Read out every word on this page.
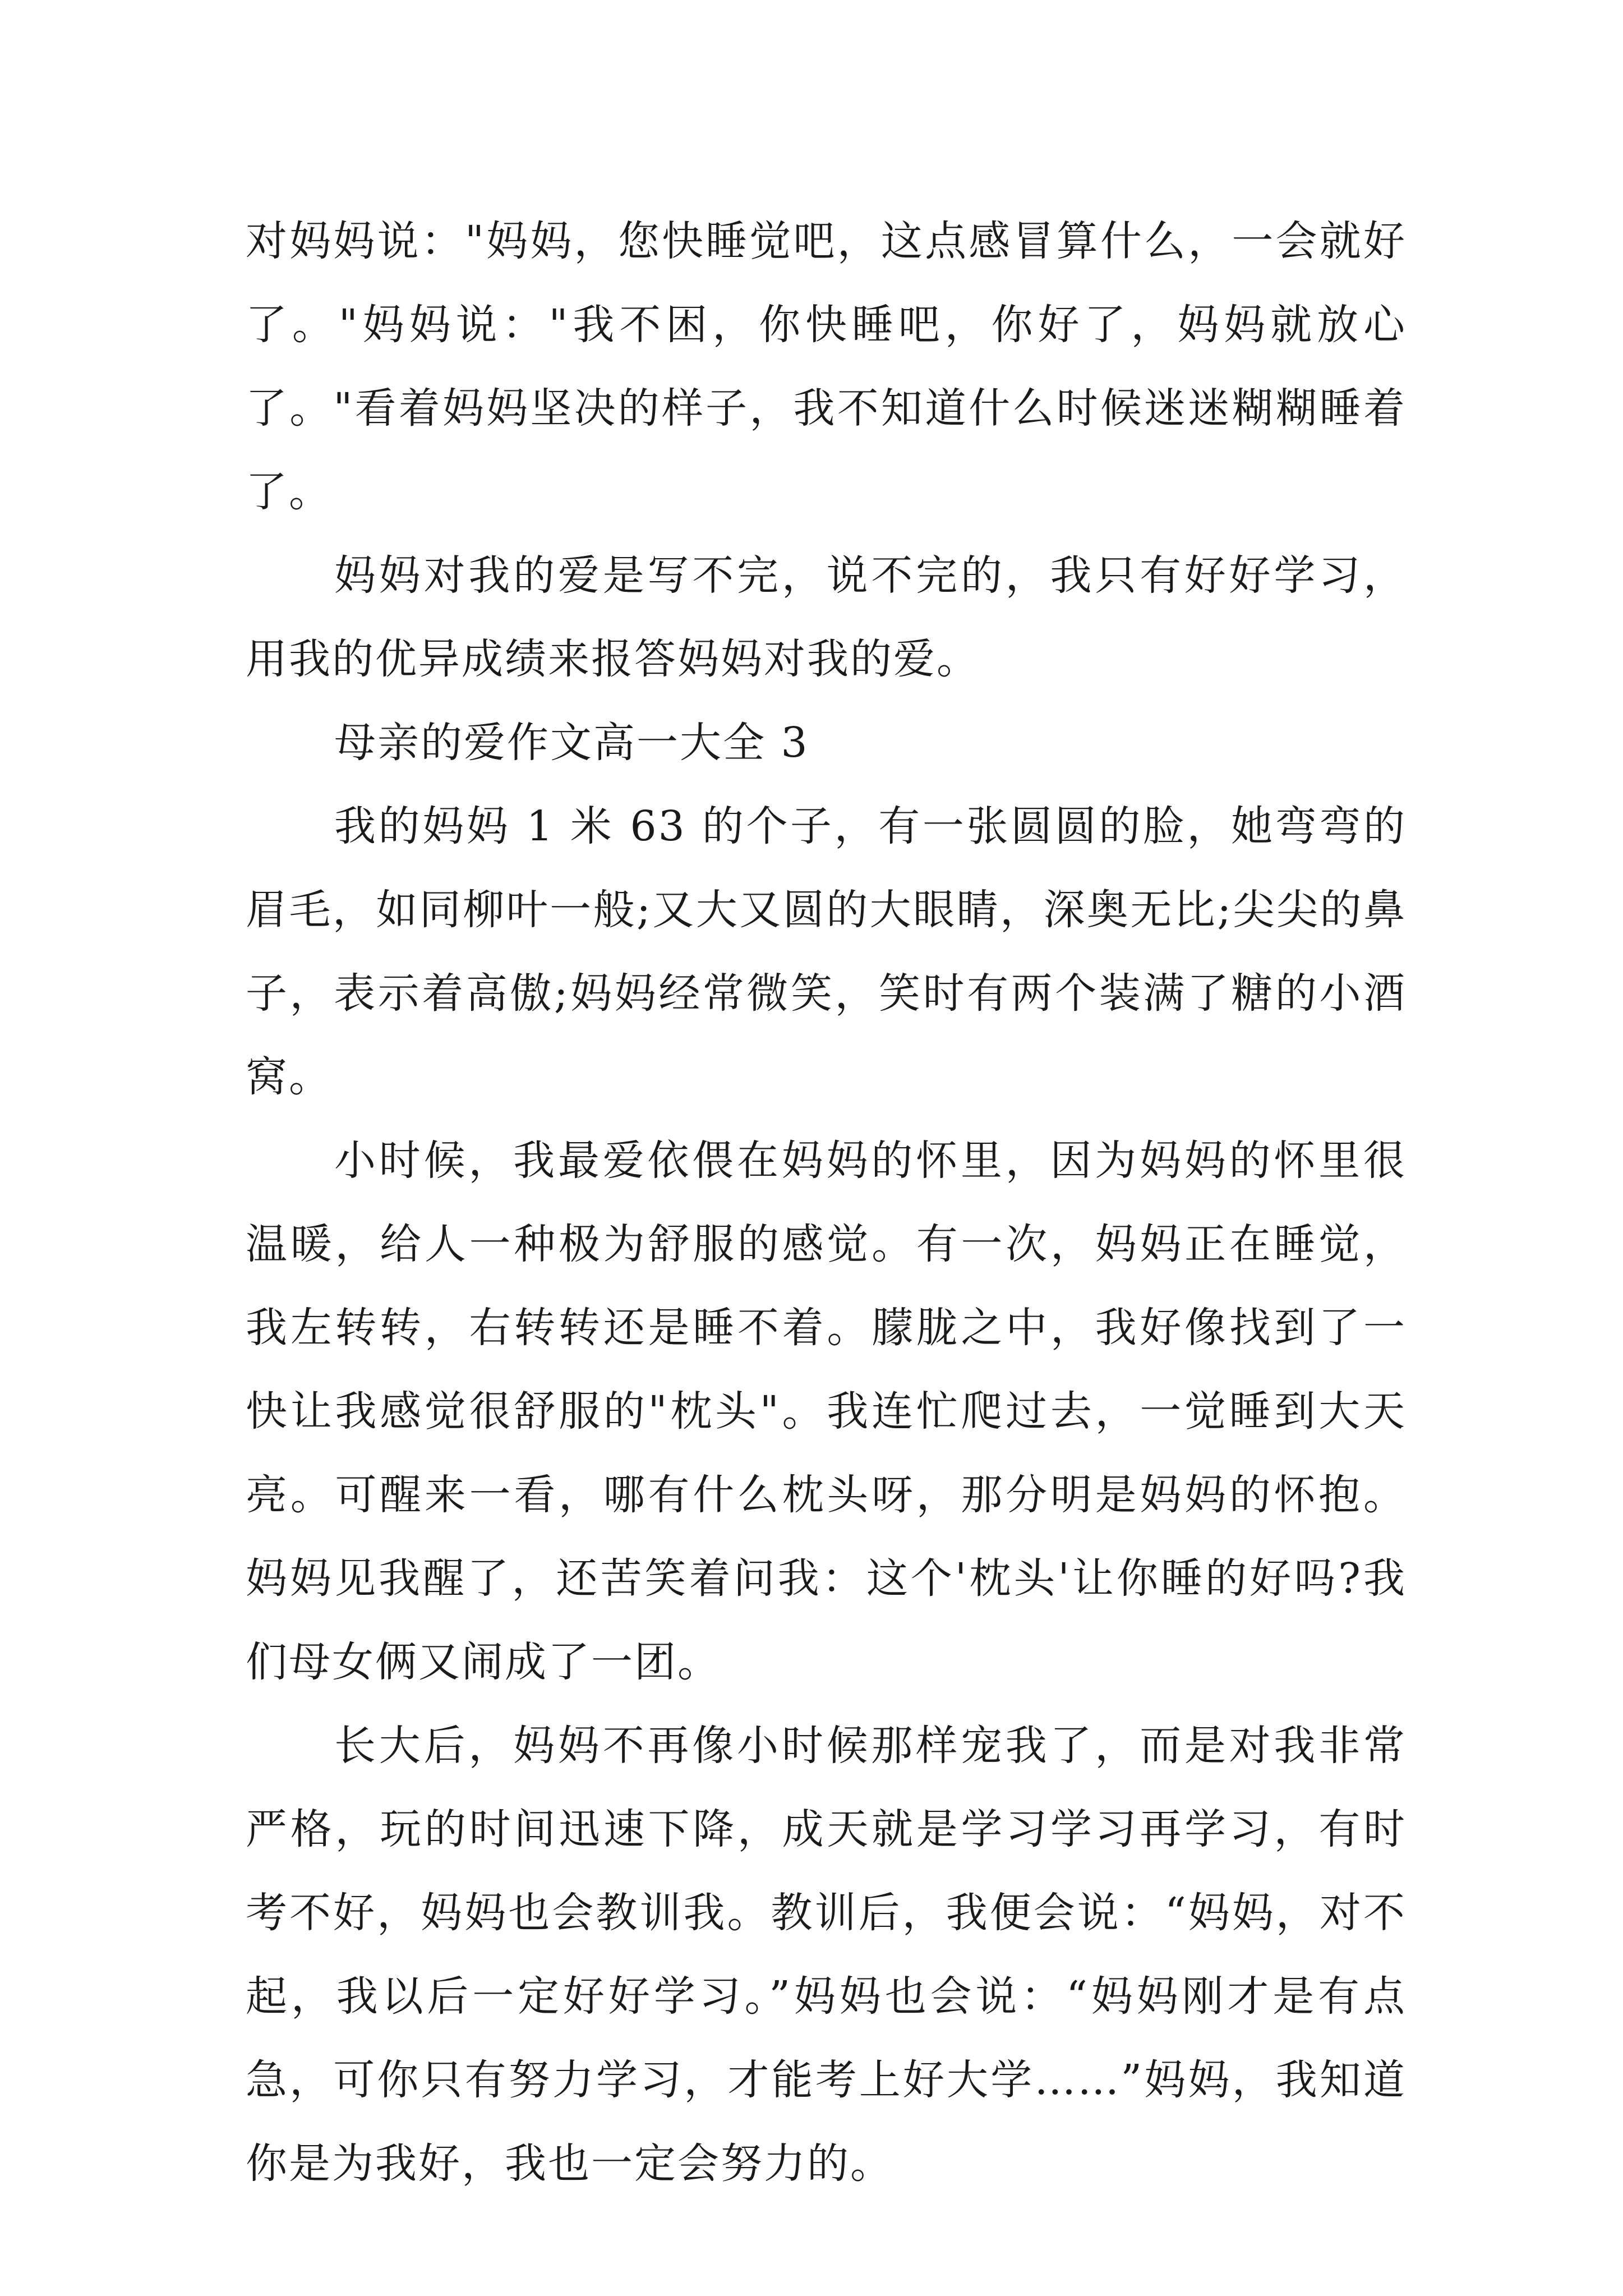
对妈妈说："妈妈，您快睡觉吧，这点感冒算什么，一会就好了。"妈妈说："我不困，你快睡吧，你好了，妈妈就放心了。"看着妈妈坚决的样子，我不知道什么时候迷迷糊糊睡着了。

妈妈对我的爱是写不完，说不完的，我只有好好学习，用我的优异成绩来报答妈妈对我的爱。

母亲的爱作文高一大全 3

我的妈妈 1 米 63 的个子，有一张圆圆的脸，她弯弯的眉毛，如同柳叶一般;又大又圆的大眼睛，深奥无比;尖尖的鼻子，表示着高傲;妈妈经常微笑，笑时有两个装满了糖的小酒窝。

小时候，我最爱依偎在妈妈的怀里，因为妈妈的怀里很温暖，给人一种极为舒服的感觉。有一次，妈妈正在睡觉，我左转转，右转转还是睡不着。朦胧之中，我好像找到了一快让我感觉很舒服的"枕头"。我连忙爬过去，一觉睡到大天亮。可醒来一看，哪有什么枕头呀，那分明是妈妈的怀抱。妈妈见我醒了，还苦笑着问我：这个'枕头'让你睡的好吗?我们母女俩又闹成了一团。

长大后，妈妈不再像小时候那样宠我了，而是对我非常严格，玩的时间迅速下降，成天就是学习学习再学习，有时考不好，妈妈也会教训我。教训后，我便会说：“妈妈，对不起，我以后一定好好学习。”妈妈也会说：“妈妈刚才是有点急，可你只有努力学习，才能考上好大学……”妈妈，我知道你是为我好，我也一定会努力的。
